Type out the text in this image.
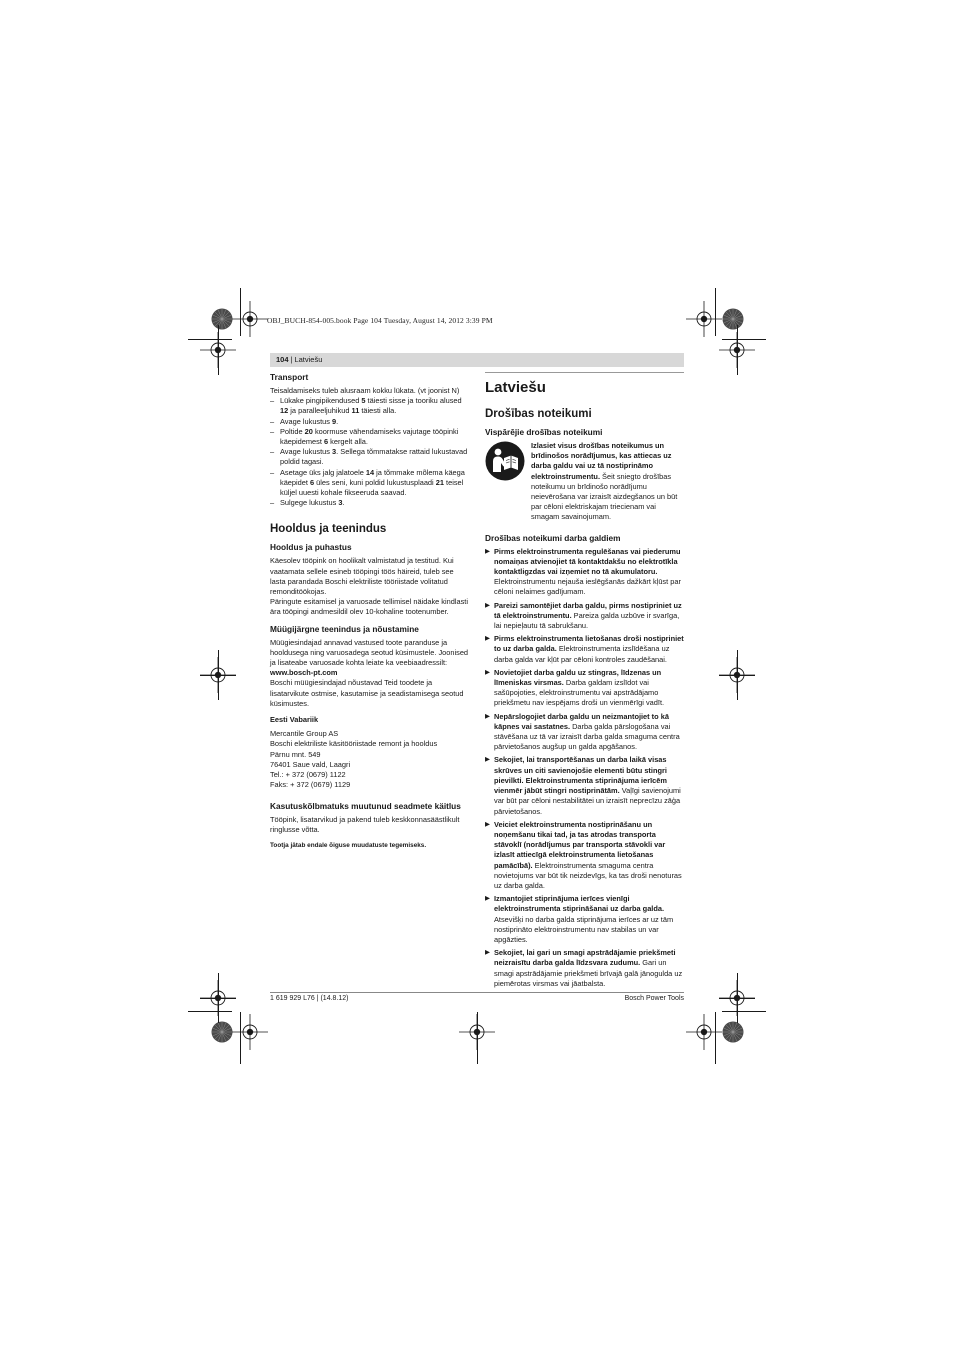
OBJ_BUCH-854-005.book Page 104 Tuesday, August 14, 2012 3:39 PM
104 | Latviešu
Transport

Teisaldamiseks tuleb alusraam kokku lükata. (vt joonist N)

– Lükake pingipikendused 5 täiesti sisse ja tooriku alused 12 ja paralleeljuhikud 11 täiesti alla.
– Avage lukustus 9.
– Poltide 20 koormuse vähendamiseks vajutage tööpinki käepidemest 6 kergelt alla.
– Avage lukustus 3. Sellega tõmmatakse rattaid lukustavad poldid tagasi.
– Asetage üks jalg jalatoele 14 ja tõmmake mõlema käega käepidet 6 üles seni, kuni poldid lukustusplaadi 21 teisel küljel uuesti kohale fikseeruda saavad.
– Sulgege lukustus 3.
Hooldus ja teenindus
Hooldus ja puhastus

Käesolev tööpink on hoolikalt valmistatud ja testitud. Kui vaatamata sellele esineb tööpingi töös häireid, tuleb see lasta parandada Boschi elektriliste tööriistade volitatud remonditöökojas.

Päringute esitamisel ja varuosade tellimisel näidake kindlasti ära tööpingi andmesildil olev 10-kohaline tootenumber.

Müügijärgne teenindus ja nõustamine

Müügiesindajad annavad vastused toote paranduse ja hooldusega ning varuosadega seotud küsimustele. Joonised ja lisateabe varuosade kohta leiate ka veebiaadressilt:

www.bosch-pt.com

Boschi müügiesindajad nõustavad Teid toodete ja lisatarvikute ostmise, kasutamise ja seadistamisega seotud küsimustes.

Eesti Vabariik

Mercantile Group AS

Boschi elektriliste käsitööriistade remont ja hooldus

Pärnu mnt. 549

76401 Saue vald, Laagri

Tel.: + 372 (0679) 1122

Faks: + 372 (0679) 1129

Kasutuskõlbmatuks muutunud seadmete käitlus

Tööpink, lisatarvikud ja pakend tuleb keskkonnasäästlikult ringlusse võtta.

Tootja jätab endale õiguse muudatuste tegemiseks.

Latviešu
Drošības noteikumi
Vispārējie drošības noteikumi
Izlasiet visus drošības noteikumus un brīdinošos norādījumus, kas attiecas uz darba galdu vai uz tā nostiprināmo elektroinstrumentu. Šeit sniegto drošības noteikumu un brīdinošo norādījumu neievērošana var izraisīt aizdegšanos un būt par cēloni elektriskajam triecienam vai smagam savainojumam.
Drošības noteikumi darba galdiem
▶ Pirms elektroinstrumenta regulēšanas vai piederumu nomaiņas atvienojiet tā kontaktdakšu no elektrotīkla kontaktligzdas vai izņemiet no tā akumulatoru. Elektroinstrumentu nejauša ieslēgšanās dažkārt kļūst par cēloni nelaimes gadījumam.
▶ Pareizi samontējiet darba galdu, pirms nostipriniet uz tā elektroinstrumentu. Pareiza galda uzbūve ir svarīga, lai nepieļautu tā sabrukšanu.
▶ Pirms elektroinstrumenta lietošanas droši nostipriniet to uz darba galda. Elektroinstrumenta izslīdēšana uz darba galda var kļūt par cēloni kontroles zaudēšanai.
▶ Novietojiet darba galdu uz stingras, līdzenas un līmeniskas virsmas. Darba galdam izslīdot vai sašūpojoties, elektroinstrumentu vai apstrādājamo priekšmetu nav iespējams droši un vienmērīgi vadīt.
▶ Nepārslogojiet darba galdu un neizmantojiet to kā kāpnes vai sastatnes. Darba galda pārslogošana vai stāvēšana uz tā var izraisīt darba galda smaguma centra pārvietošanos augšup un galda apgāšanos.
▶ Sekojiet, lai transportēšanas un darba laikā visas skrūves un citi savienojošie elementi būtu stingri pievilkti. Elektroinstrumenta stiprinājuma ierīcēm vienmēr jābūt stingri nostiprinātām. Vaļīgi savienojumi var būt par cēloni nestabilitātei un izraisīt neprecīzu zāģa pārvietošanos.
▶ Veiciet elektroinstrumenta nostiprināšanu un noņemšanu tikai tad, ja tas atrodas transporta stāvoklī (norādījumus par transporta stāvokli var izlasīt attiecīgā elektroinstrumenta lietošanas pamācībā). Elektroinstrumenta smaguma centra novietojums var būt tik neizdevīgs, ka tas droši nenoturas uz darba galda.
▶ Izmantojiet stiprinājuma ierīces vienīgi elektroinstrumenta stiprināšanai uz darba galda. Atsevišķi no darba galda stiprinājuma ierīces ar uz tām nostiprināto elektroinstrumentu nav stabilas un var apgāzties.
▶ Sekojiet, lai gari un smagi apstrādājamie priekšmeti neizraisītu darba galda līdzsvara zudumu. Gari un smagi apstrādājamie priekšmeti brīvajā galā jānogulda uz piemērotas virsmas vai jāatbalsta.
1 619 929 L76 | (14.8.12)	Bosch Power Tools
